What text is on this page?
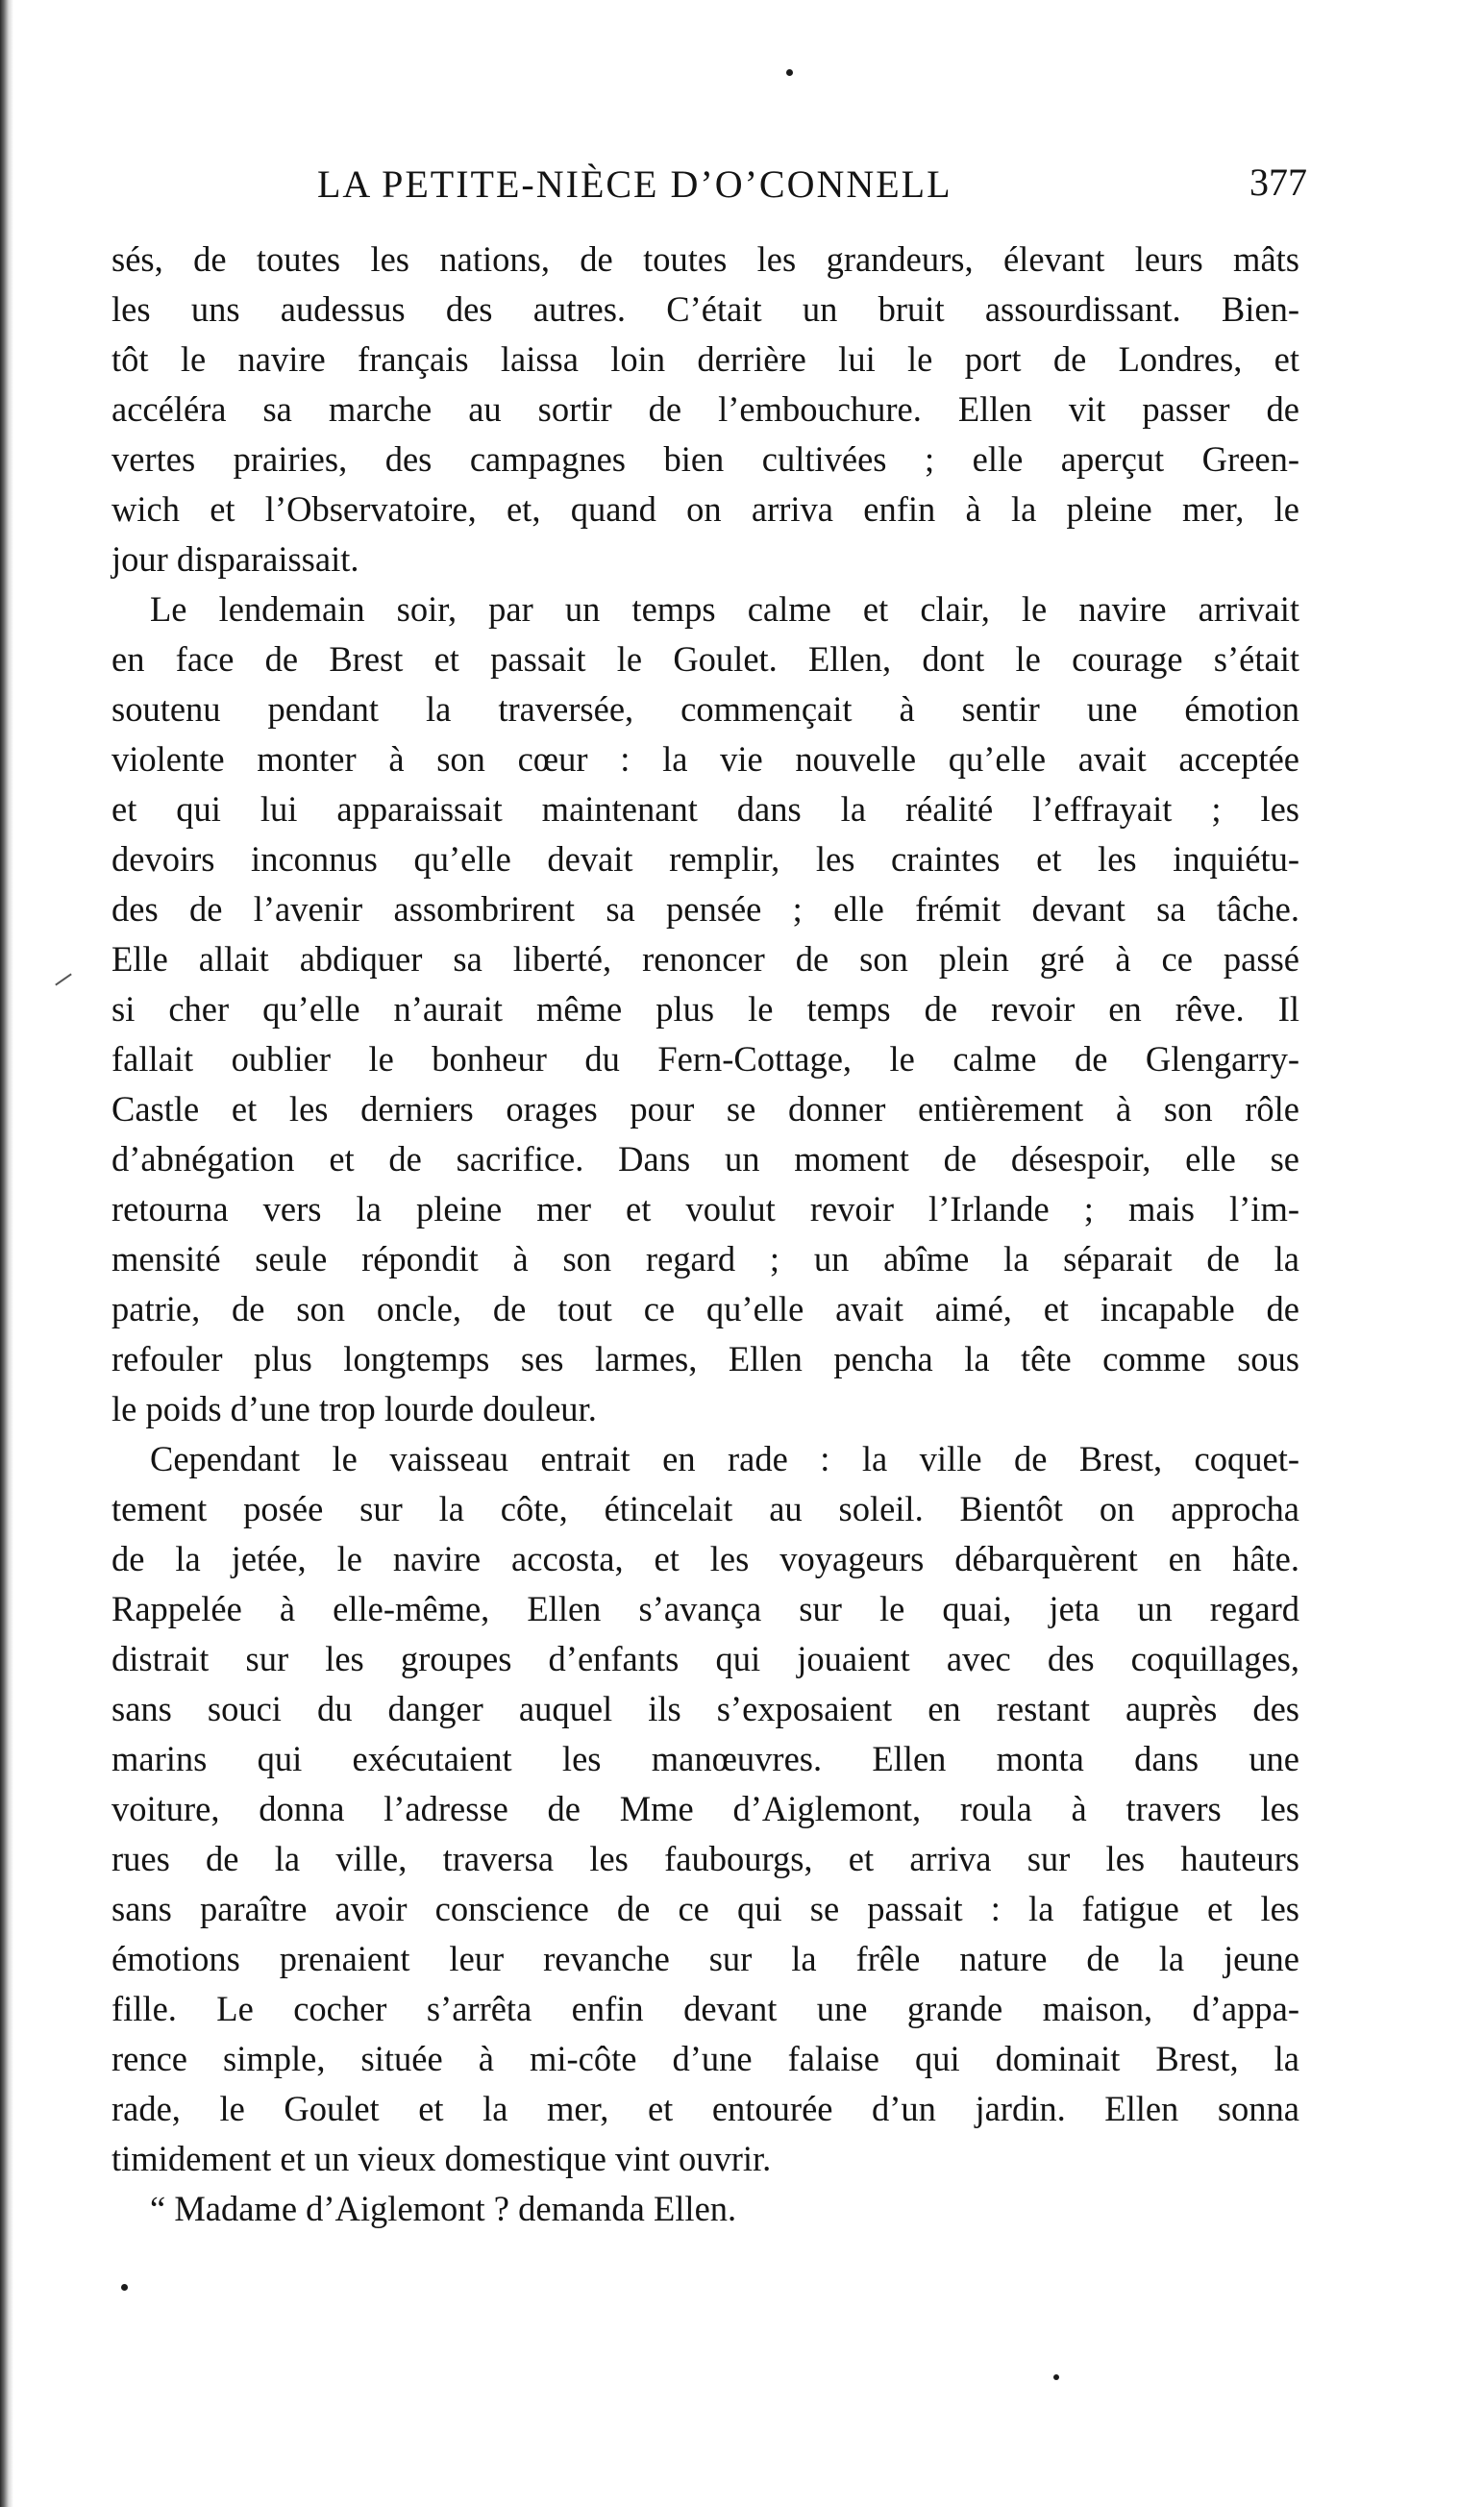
LA PETITE-NIÈCE D’O’CONNELL	377
sés, de toutes les nations, de toutes les grandeurs, élevant leurs mâts
les uns audessus des autres. C’était un bruit assourdissant. Bien-
tôt le navire français laissa loin derrière lui le port de Londres, et
accéléra sa marche au sortir de l’embouchure. Ellen vit passer de
vertes prairies, des campagnes bien cultivées ; elle aperçut Green-
wich et l’Observatoire, et, quand on arriva enfin à la pleine mer, le
jour disparaissait.
Le lendemain soir, par un temps calme et clair, le navire arrivait
en face de Brest et passait le Goulet. Ellen, dont le courage s’était
soutenu pendant la traversée, commençait à sentir une émotion
violente monter à son cœur : la vie nouvelle qu’elle avait acceptée
et qui lui apparaissait maintenant dans la réalité l’effrayait ; les
devoirs inconnus qu’elle devait remplir, les craintes et les inquiétu-
des de l’avenir assombrirent sa pensée ; elle frémit devant sa tâche.
Elle allait abdiquer sa liberté, renoncer de son plein gré à ce passé
si cher qu’elle n’aurait même plus le temps de revoir en rêve. Il
fallait oublier le bonheur du Fern-Cottage, le calme de Glengarry-
Castle et les derniers orages pour se donner entièrement à son rôle
d’abnégation et de sacrifice. Dans un moment de désespoir, elle se
retourna vers la pleine mer et voulut revoir l’Irlande ; mais l’im-
mensité seule répondit à son regard ; un abîme la séparait de la
patrie, de son oncle, de tout ce qu’elle avait aimé, et incapable de
refouler plus longtemps ses larmes, Ellen pencha la tête comme sous
le poids d’une trop lourde douleur.
Cependant le vaisseau entrait en rade : la ville de Brest, coquet-
tement posée sur la côte, étincelait au soleil. Bientôt on approcha
de la jetée, le navire accosta, et les voyageurs débarquèrent en hâte.
Rappelée à elle-même, Ellen s’avança sur le quai, jeta un regard
distrait sur les groupes d’enfants qui jouaient avec des coquillages,
sans souci du danger auquel ils s’exposaient en restant auprès des
marins qui exécutaient les manœuvres. Ellen monta dans une
voiture, donna l’adresse de Mme d’Aiglemont, roula à travers les
rues de la ville, traversa les faubourgs, et arriva sur les hauteurs
sans paraître avoir conscience de ce qui se passait : la fatigue et les
émotions prenaient leur revanche sur la frêle nature de la jeune
fille. Le cocher s’arrêta enfin devant une grande maison, d’appa-
rence simple, située à mi-côte d’une falaise qui dominait Brest, la
rade, le Goulet et la mer, et entourée d’un jardin. Ellen sonna
timidement et un vieux domestique vint ouvrir.
“ Madame d’Aiglemont ? demanda Ellen.
